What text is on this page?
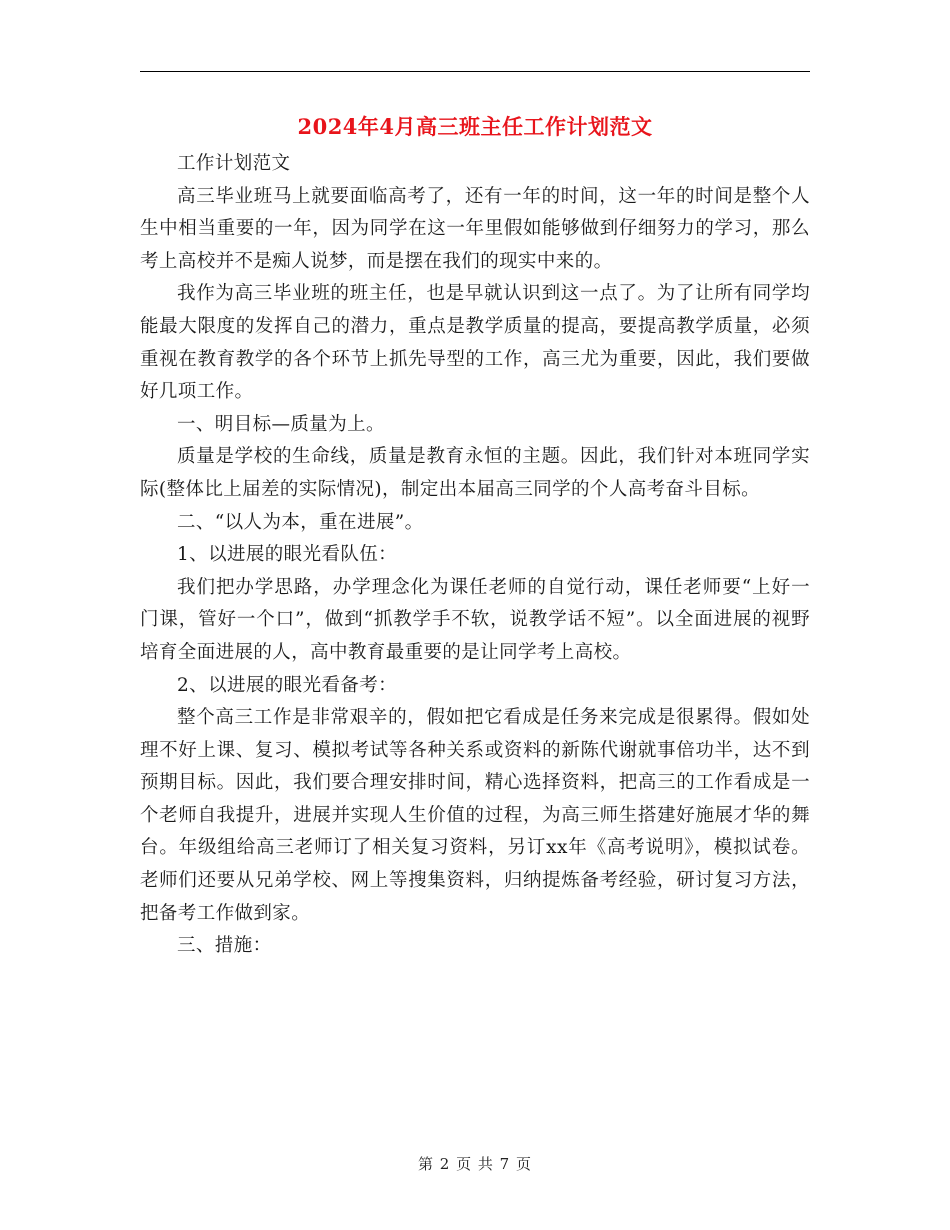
2024年4月高三班主任工作计划范文

工作计划范文

高三毕业班马上就要面临高考了，还有一年的时间，这一年的时间是整个人生中相当重要的一年，因为同学在这一年里假如能够做到仔细努力的学习，那么考上高校并不是痴人说梦，而是摆在我们的现实中来的。

我作为高三毕业班的班主任，也是早就认识到这一点了。为了让所有同学均能最大限度的发挥自己的潜力，重点是教学质量的提高，要提高教学质量，必须重视在教育教学的各个环节上抓先导型的工作，高三尤为重要，因此，我们要做好几项工作。

一、明目标—质量为上。

质量是学校的生命线，质量是教育永恒的主题。因此，我们针对本班同学实际(整体比上届差的实际情况)，制定出本届高三同学的个人高考奋斗目标。

二、“以人为本，重在进展”。

1、以进展的眼光看队伍：

我们把办学思路，办学理念化为课任老师的自觉行动，课任老师要“上好一门课，管好一个口”，做到“抓教学手不软，说教学话不短”。以全面进展的视野培育全面进展的人，高中教育最重要的是让同学考上高校。

2、以进展的眼光看备考：

整个高三工作是非常艰辛的，假如把它看成是任务来完成是很累得。假如处理不好上课、复习、模拟考试等各种关系或资料的新陈代谢就事倍功半，达不到预期目标。因此，我们要合理安排时间，精心选择资料，把高三的工作看成是一个老师自我提升，进展并实现人生价值的过程，为高三师生搭建好施展才华的舞台。年级组给高三老师订了相关复习资料，另订xx年《高考说明》，模拟试卷。老师们还要从兄弟学校、网上等搜集资料，归纳提炼备考经验，研讨复习方法，把备考工作做到家。

三、措施：

第 2 页 共 7 页
